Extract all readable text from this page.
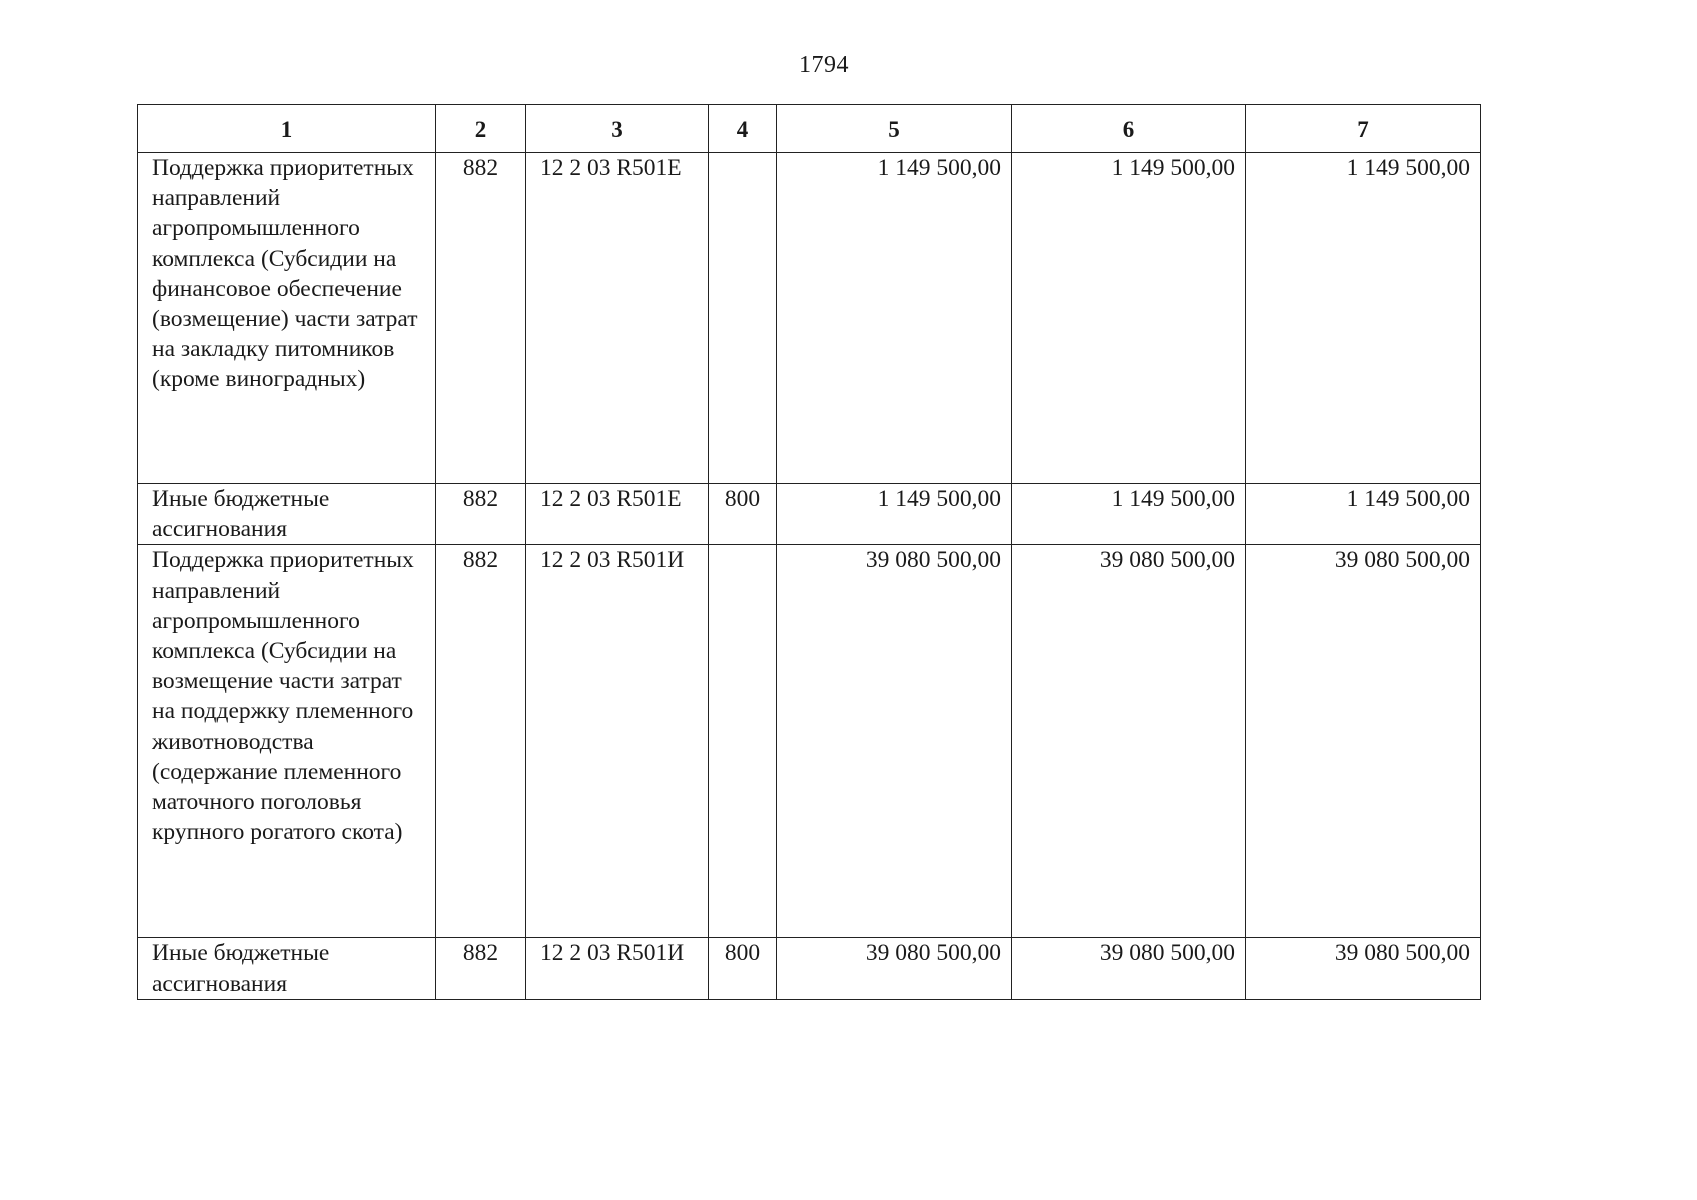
1794
1	2	3	4	5	6	7
Поддержка приоритетных направлений агропромышленного комплекса (Субсидии на финансовое обеспечение (возмещение) части затрат на закладку питомников (кроме виноградных)	882	12 2 03 R501Е		1 149 500,00	1 149 500,00	1 149 500,00
Иные бюджетные ассигнования	882	12 2 03 R501Е	800	1 149 500,00	1 149 500,00	1 149 500,00
Поддержка приоритетных направлений агропромышленного комплекса (Субсидии на возмещение части затрат на поддержку племенного животноводства (содержание племенного маточного поголовья крупного рогатого скота)	882	12 2 03 R501И		39 080 500,00	39 080 500,00	39 080 500,00
Иные бюджетные ассигнования	882	12 2 03 R501И	800	39 080 500,00	39 080 500,00	39 080 500,00
